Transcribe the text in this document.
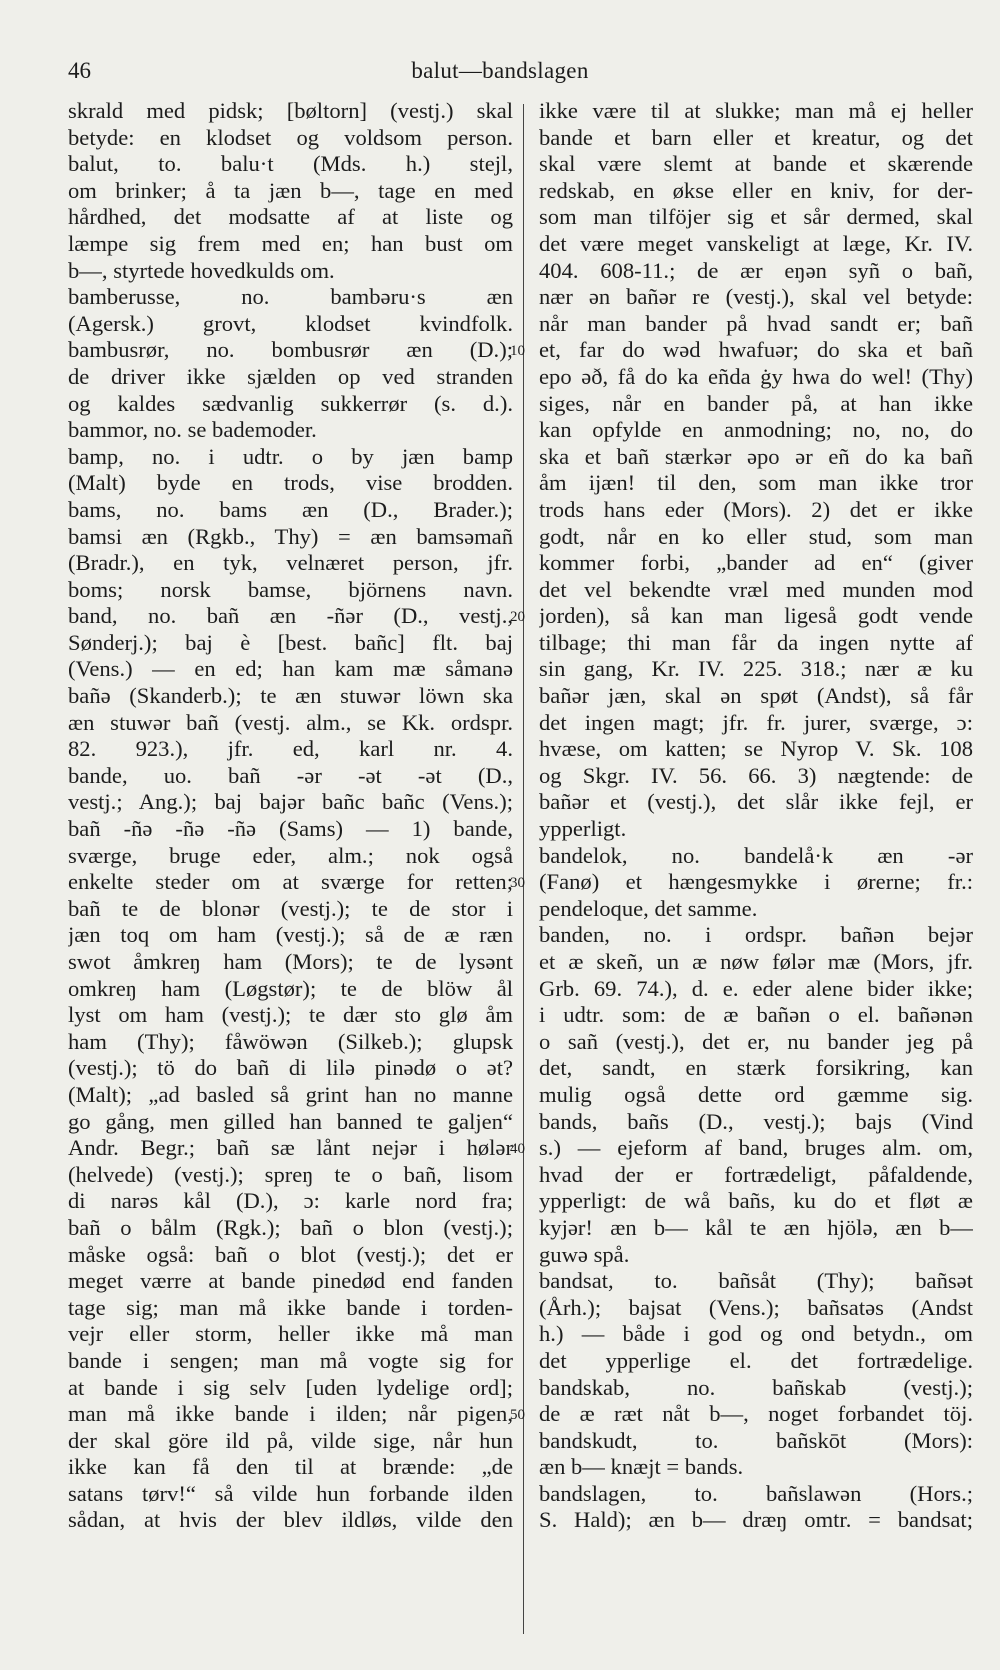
46	balut—bandslagen
skrald med pidsk; [bøltorn] (vestj.) skal
betyde: en klodset og voldsom person.
balut, to. balu·t (Mds. h.) stejl,
om brinker; å ta jæn b—, tage en med
hårdhed, det modsatte af at liste og
læmpe sig frem med en; han bust om
b—, styrtede hovedkulds om.
bamberusse, no. bambəru·s æn
(Agersk.) grovt, klodset kvindfolk.
bambusrør, no. bombusrør æn (D.);
de driver ikke sjælden op ved stranden
og kaldes sædvanlig sukkerrør (s. d.).
bammor, no. se bademoder.
bamp, no. i udtr. o by jæn bamp
(Malt) byde en trods, vise brodden.
bams, no. bams æn (D., Brader.);
bamsi æn (Rgkb., Thy) = æn bamsəmañ
(Bradr.), en tyk, velnæret person, jfr.
boms; norsk bamse, björnens navn.
band, no. bañ æn -ñər (D., vestj.,
Sønderj.); baj è [best. bañc] flt. baj
(Vens.) — en ed; han kam mæ såmanə
bañə (Skanderb.); te æn stuwər löwn ska
æn stuwər bañ (vestj. alm., se Kk. ordspr.
82. 923.), jfr. ed, karl nr. 4.
bande, uo. bañ -ər -ət -ət (D.,
vestj.; Ang.); baj bajər bañc bañc (Vens.);
bañ -ñə -ñə -ñə (Sams) — 1) bande,
sværge, bruge eder, alm.; nok også
enkelte steder om at sværge for retten;
bañ te de blonər (vestj.); te de stor i
jæn toq om ham (vestj.); så de æ ræn
swot åmkreŋ ham (Mors); te de lysənt
omkreŋ ham (Løgstør); te de blöw ål
lyst om ham (vestj.); te dær sto glø åm
ham (Thy); fåwöwən (Silkeb.); glupsk
(vestj.); tö do bañ di lilə pinədø o ət?
(Malt); „ad basled så grint han no manne
go gång, men gilled han banned te galjen“
Andr. Begr.; bañ sæ lånt nejər i hølər
(helvede) (vestj.); spreŋ te o bañ, lisom
di narəs kål (D.), ɔ: karle nord fra;
bañ o bålm (Rgk.); bañ o blon (vestj.);
måske også: bañ o blot (vestj.); det er
meget værre at bande pinedød end fanden
tage sig; man må ikke bande i torden-
vejr eller storm, heller ikke må man
bande i sengen; man må vogte sig for
at bande i sig selv [uden lydelige ord];
man må ikke bande i ilden; når pigen,
der skal göre ild på, vilde sige, når hun
ikke kan få den til at brænde: „de
satans tørv!“ så vilde hun forbande ilden
sådan, at hvis der blev ildløs, vilde den
ikke være til at slukke; man må ej heller
bande et barn eller et kreatur, og det
skal være slemt at bande et skærende
redskab, en økse eller en kniv, for der-
som man tilföjer sig et sår dermed, skal
det være meget vanskeligt at læge, Kr. IV.
404. 608-11.; de ær eŋən syñ o bañ,
nær ən bañər re (vestj.), skal vel betyde:
når man bander på hvad sandt er; bañ
et, far do wəd hwafuər; do ska et bañ
epo əð, få do ka eñda ġy hwa do wel! (Thy)
siges, når en bander på, at han ikke
kan opfylde en anmodning; no, no, do
ska et bañ stærkər əpo ər eñ do ka bañ
åm ijæn! til den, som man ikke tror
trods hans eder (Mors). 2) det er ikke
godt, når en ko eller stud, som man
kommer forbi, „bander ad en“ (giver
det vel bekendte vræl med munden mod
jorden), så kan man ligeså godt vende
tilbage; thi man får da ingen nytte af
sin gang, Kr. IV. 225. 318.; nær æ ku
bañər jæn, skal ən spøt (Andst), så får
det ingen magt; jfr. fr. jurer, sværge, ɔ:
hvæse, om katten; se Nyrop V. Sk. 108
og Skgr. IV. 56. 66. 3) nægtende: de
bañər et (vestj.), det slår ikke fejl, er
ypperligt.
bandelok, no. bandelå·k æn -ər
(Fanø) et hængesmykke i ørerne; fr.:
pendeloque, det samme.
banden, no. i ordspr. bañən bejər
et æ skeñ, un æ nøw følər mæ (Mors, jfr.
Grb. 69. 74.), d. e. eder alene bider ikke;
i udtr. som: de æ bañən o el. bañənən
o sañ (vestj.), det er, nu bander jeg på
det, sandt, en stærk forsikring, kan
mulig også dette ord gæmme sig.
bands, bañs (D., vestj.); bajs (Vind
s.) — ejeform af band, bruges alm. om,
hvad der er fortrædeligt, påfaldende,
ypperligt: de wå bañs, ku do et fløt æ
kyjər! æn b— kål te æn hjölə, æn b—
guwə spå.
bandsat, to. bañsåt (Thy); bañsət
(Årh.); bajsat (Vens.); bañsatəs (Andst
h.) — både i god og ond betydn., om
det ypperlige el. det fortrædelige.
bandskab, no. bañskab (vestj.);
de æ ræt nåt b—, noget forbandet töj.
bandskudt, to. bañskōt (Mors):
æn b— knæjt = bands.
bandslagen, to. bañslawən (Hors.;
S. Hald); æn b— dræŋ omtr. = bandsat;
10
20
30
40
50
